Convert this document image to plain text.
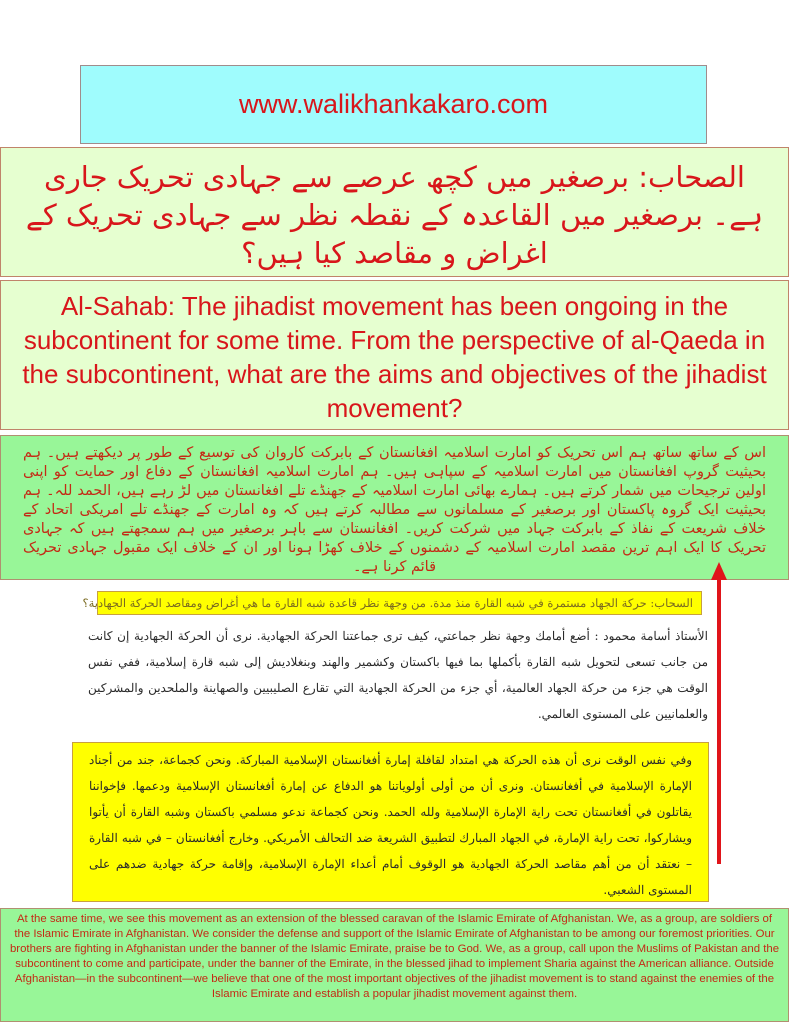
www.walikhankakaro.com
الصحاب: برصغیر میں کچھ عرصے سے جہادی تحریک جاری ہے۔ برصغیر میں القاعدہ کے نقطہ نظر سے جہادی تحریک کے اغراض و مقاصد کیا ہیں؟
Al-Sahab: The jihadist movement has been ongoing in the subcontinent for some time. From the perspective of al-Qaeda in the subcontinent, what are the aims and objectives of the jihadist movement?
اس کے ساتھ ساتھ ہم اس تحریک کو امارت اسلامیہ افغانستان کے بابرکت کاروان کی توسیع کے طور پر دیکھتے ہیں۔ ہم بحیثیت گروپ افغانستان میں امارت اسلامیہ کے سپاہی ہیں۔ ہم امارت اسلامیہ افغانستان کے دفاع اور حمایت کو اپنی اولین ترجیحات میں شمار کرتے ہیں۔ ہمارے بھائی امارت اسلامیہ کے جھنڈے تلے افغانستان میں لڑ رہے ہیں، الحمد للہ۔ ہم بحیثیت ایک گروہ پاکستان اور برصغیر کے مسلمانوں سے مطالبہ کرتے ہیں کہ وہ امارت کے جھنڈے تلے امریکی اتحاد کے خلاف شریعت کے نفاذ کے بابرکت جہاد میں شرکت کریں۔ افغانستان سے باہر برصغیر میں ہم سمجھتے ہیں کہ جہادی تحریک کا ایک اہم ترین مقصد امارت اسلامیہ کے دشمنوں کے خلاف کھڑا ہونا اور ان کے خلاف ایک مقبول جہادی تحریک قائم کرنا ہے۔
السحاب: حركة الجهاد مستمرة في شبه القارة منذ مدة. من وجهة نظر قاعدة شبه القارة ما هي أغراض ومقاصد الحركة الجهادية؟
الأستاذ أسامة محمود : أضع أمامك وجهة نظر جماعتي، كيف ترى جماعتنا الحركة الجهادية. نرى أن الحركة الجهادية إن كانت من جانب تسعى لتحويل شبه القارة بأكملها بما فيها باكستان وكشمير والهند وبنغلاديش إلى شبه قارة إسلامية، ففي نفس الوقت هي جزء من حركة الجهاد العالمية، أي جزء من الحركة الجهادية التي تقارع الصليبيين والصهاينة والملحدين والمشركين والعلمانيين على المستوى العالمي.
وفي نفس الوقت نرى أن هذه الحركة هي امتداد لقافلة إمارة أفغانستان الإسلامية المباركة. ونحن كجماعة، جند من أجناد الإمارة الإسلامية في أفغانستان. ونرى أن من أولى أولوياتنا هو الدفاع عن إمارة أفغانستان الإسلامية ودعمها. فإخواننا يقاتلون في أفغانستان تحت راية الإمارة الإسلامية ولله الحمد. ونحن كجماعة ندعو مسلمي باكستان وشبه القارة أن يأتوا ويشاركوا، تحت راية الإمارة، في الجهاد المبارك لتطبيق الشريعة ضد التحالف الأمريكي. وخارج أفغانستان – في شبه القارة – نعتقد أن من أهم مقاصد الحركة الجهادية هو الوقوف أمام أعداء الإمارة الإسلامية، وإقامة حركة جهادية ضدهم على المستوى الشعبي.
At the same time, we see this movement as an extension of the blessed caravan of the Islamic Emirate of Afghanistan. We, as a group, are soldiers of the Islamic Emirate in Afghanistan. We consider the defense and support of the Islamic Emirate of Afghanistan to be among our foremost priorities. Our brothers are fighting in Afghanistan under the banner of the Islamic Emirate, praise be to God. We, as a group, call upon the Muslims of Pakistan and the subcontinent to come and participate, under the banner of the Emirate, in the blessed jihad to implement Sharia against the American alliance. Outside Afghanistan—in the subcontinent—we believe that one of the most important objectives of the jihadist movement is to stand against the enemies of the Islamic Emirate and establish a popular jihadist movement against them.
